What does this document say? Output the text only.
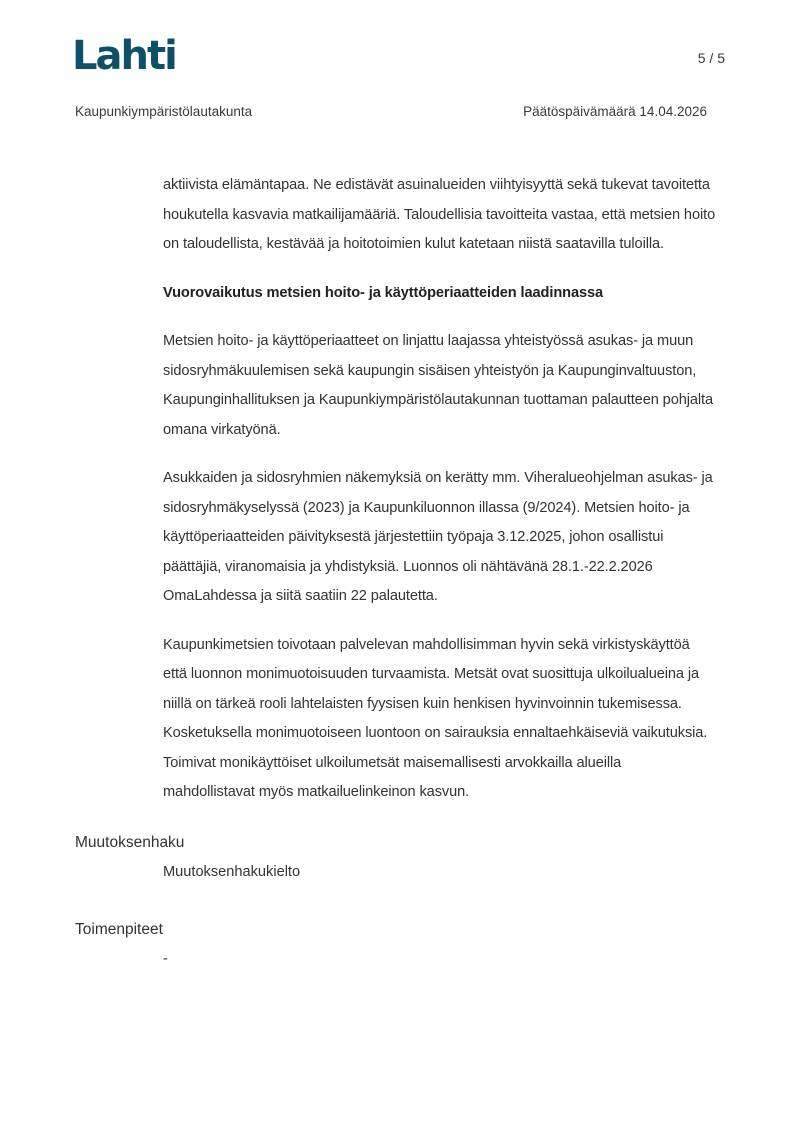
Lahti	5 / 5
Kaupunkiympäristölautakunta	Päätöspäivämäärä 14.04.2026

aktiivista elämäntapaa. Ne edistävät asuinalueiden viihtyisyyttä sekä tukevat tavoitetta houkutella kasvavia matkailijamääriä. Taloudellisia tavoitteita vastaa, että metsien hoito on taloudellista, kestävää ja hoitotoimien kulut katetaan niistä saatavilla tuloilla.

Vuorovaikutus metsien hoito- ja käyttöperiaatteiden laadinnassa

Metsien hoito- ja käyttöperiaatteet on linjattu laajassa yhteistyössä asukas- ja muun sidosryhmäkuulemisen sekä kaupungin sisäisen yhteistyön ja Kaupunginvaltuuston, Kaupunginhallituksen ja Kaupunkiympäristölautakunnan tuottaman palautteen pohjalta omana virkatyönä.

Asukkaiden ja sidosryhmien näkemyksiä on kerätty mm. Viheralueohjelman asukas- ja sidosryhmäkyselyssä (2023) ja Kaupunkiluonnon illassa (9/2024). Metsien hoito- ja käyttöperiaatteiden päivityksestä järjestettiin työpaja 3.12.2025, johon osallistui päättäjiä, viranomaisia ja yhdistyksiä. Luonnos oli nähtävänä 28.1.-22.2.2026 OmaLahdessa ja siitä saatiin 22 palautetta.

Kaupunkimetsien toivotaan palvelevan mahdollisimman hyvin sekä virkistyskäyttöä että luonnon monimuotoisuuden turvaamista. Metsät ovat suosittuja ulkoilualueina ja niillä on tärkeä rooli lahtelaisten fyysisen kuin henkisen hyvinvoinnin tukemisessa. Kosketuksella monimuotoiseen luontoon on sairauksia ennaltaehkäiseviä vaikutuksia. Toimivat monikäyttöiset ulkoilumetsät maisemallisesti arvokkailla alueilla mahdollistavat myös matkailuelinkeinon kasvun.

Muutoksenhaku
Muutoksenhakukielto
Toimenpiteet
-
